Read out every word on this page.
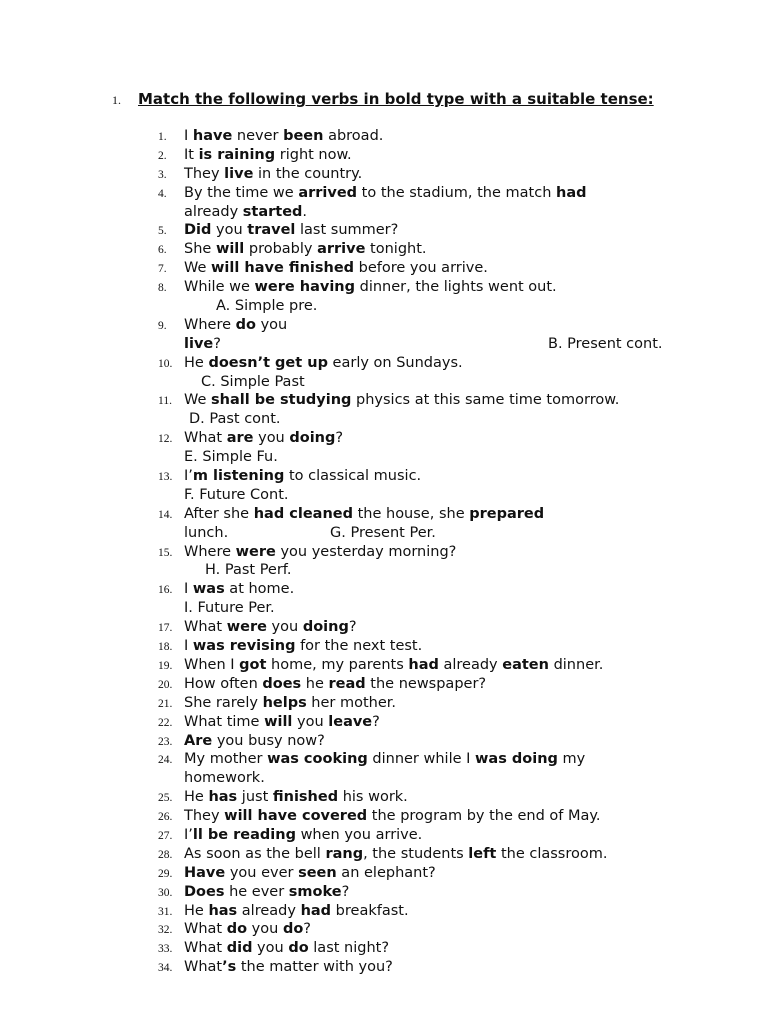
1. Match the following verbs in bold type with a suitable tense:
1. I have never been abroad.
2. It is raining right now.
3. They live in the country.
4. By the time we arrived to the stadium, the match had
already started.
5. Did you travel last summer?
6. She will probably arrive tonight.
7. We will have finished before you arrive.
8. While we were having dinner, the lights went out.
A. Simple pre.
9. Where do you
live?	B. Present cont.
10. He doesn’t get up early on Sundays.
C. Simple Past
11. We shall be studying physics at this same time tomorrow.
D. Past cont.
12. What are you doing?
E. Simple Fu.
13. I’m listening to classical music.
F. Future Cont.
14. After she had cleaned the house, she prepared
lunch.	G. Present Per.
15. Where were you yesterday morning?
H. Past Perf.
16. I was at home.
I. Future Per.
17. What were you doing?
18. I was revising for the next test.
19. When I got home, my parents had already eaten dinner.
20. How often does he read the newspaper?
21. She rarely helps her mother.
22. What time will you leave?
23. Are you busy now?
24. My mother was cooking dinner while I was doing my
homework.
25. He has just finished his work.
26. They will have covered the program by the end of May.
27. I’ll be reading when you arrive.
28. As soon as the bell rang, the students left the classroom.
29. Have you ever seen an elephant?
30. Does he ever smoke?
31. He has already had breakfast.
32. What do you do?
33. What did you do last night?
34. What’s the matter with you?
